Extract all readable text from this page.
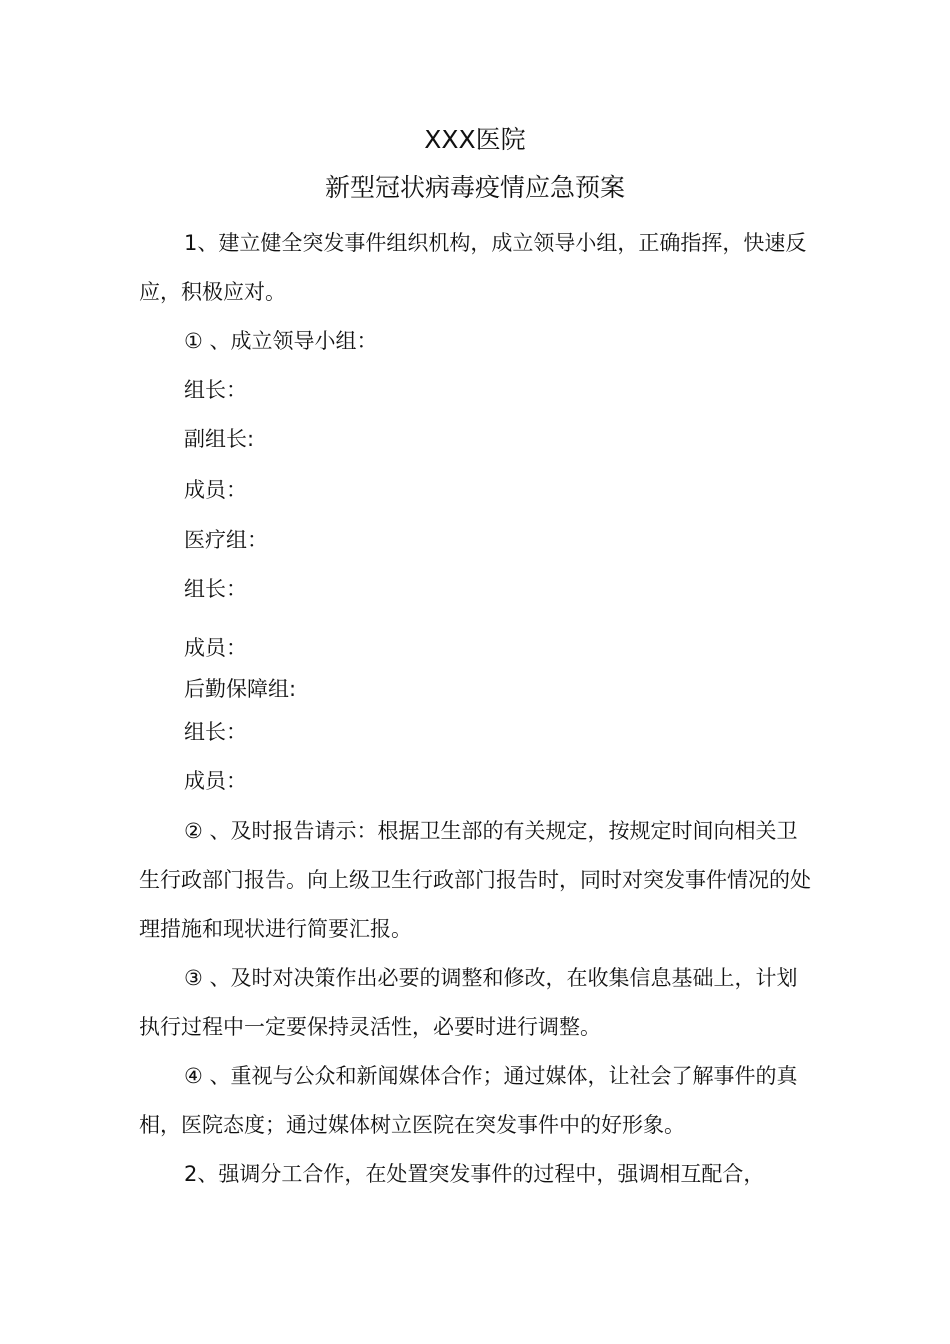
XXX医院
新型冠状病毒疫情应急预案
1、建立健全突发事件组织机构，成立领导小组，正确指挥，快速反
应，积极应对。
① 、成立领导小组：
组长：
副组长:
成员：
医疗组：
组长：
成员：
后勤保障组:
组长：
成员：
② 、及时报告请示：根据卫生部的有关规定，按规定时间向相关卫
生行政部门报告。向上级卫生行政部门报告时，同时对突发事件情况的处
理措施和现状进行简要汇报。
③ 、及时对决策作出必要的调整和修改，在收集信息基础上，计划
执行过程中一定要保持灵活性，必要时进行调整。
④ 、重视与公众和新闻媒体合作；通过媒体，让社会了解事件的真
相，医院态度；通过媒体树立医院在突发事件中的好形象。
2、强调分工合作，在处置突发事件的过程中，强调相互配合，
